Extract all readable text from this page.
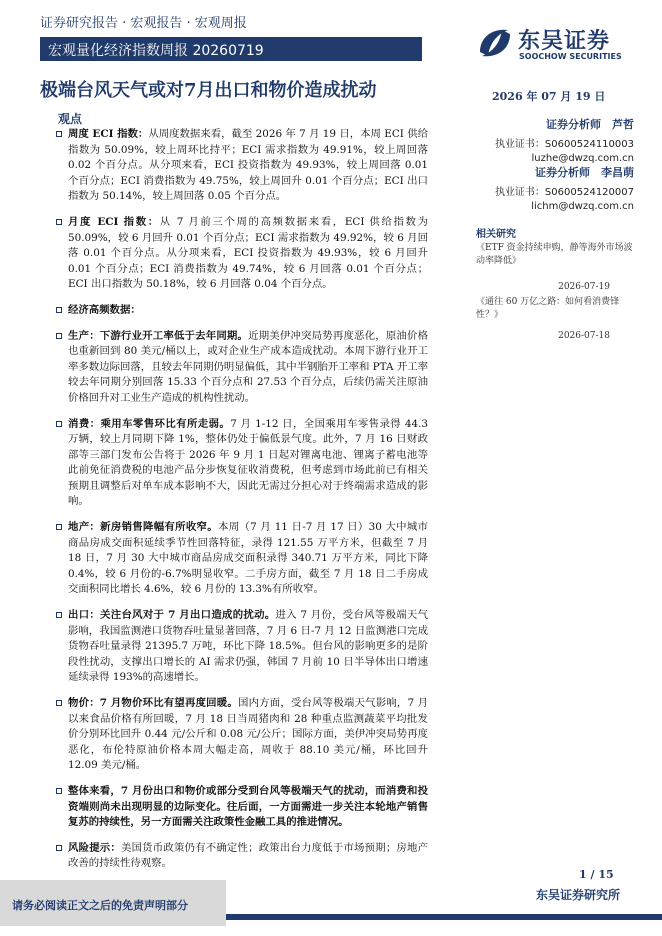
证券研究报告 · 宏观报告 · 宏观周报
宏观量化经济指数周报 20260719	东吴证券
SOOCHOW SECURITIES
极端台风天气或对7月出口和物价造成扰动	2026 年 07 月 19 日
观点
周度 ECI 指数：从周度数据来看，截至 2026 年 7 月 19 日，本周 ECI 供给指数为 50.09%，较上周环比持平；ECI 需求指数为 49.91%，较上周回落 0.02 个百分点。从分项来看，ECI 投资指数为 49.93%，较上周回落 0.01 个百分点；ECI 消费指数为 49.75%，较上周回升 0.01 个百分点；ECI 出口指数为 50.14%，较上周回落 0.05 个百分点。
月度 ECI 指数：从 7 月前三个周的高频数据来看，ECI 供给指数为 50.09%，较 6 月回升 0.01 个百分点；ECI 需求指数为 49.92%，较 6 月回落 0.01 个百分点。从分项来看，ECI 投资指数为 49.93%，较 6 月回升 0.01 个百分点；ECI 消费指数为 49.74%，较 6 月回落 0.01 个百分点；ECI 出口指数为 50.18%，较 6 月回落 0.04 个百分点。
经济高频数据：
生产：下游行业开工率低于去年同期。近期美伊冲突局势再度恶化，原油价格也重新回到 80 美元/桶以上，或对企业生产成本造成扰动。本周下游行业开工率多数边际回落，且较去年同期仍明显偏低，其中半钢胎开工率和 PTA 开工率较去年同期分别回落 15.33 个百分点和 27.53 个百分点，后续仍需关注原油价格回升对工业生产造成的机构性扰动。
消费：乘用车零售环比有所走弱。7 月 1-12 日，全国乘用车零售录得 44.3 万辆，较上月同期下降 1%，整体仍处于偏低景气度。此外，7 月 16 日财政部等三部门发布公告将于 2026 年 9 月 1 日起对锂离电池、锂离子蓄电池等此前免征消费税的电池产品分步恢复征收消费税，但考虑到市场此前已有相关预期且调整后对单车成本影响不大，因此无需过分担心对于终端需求造成的影响。
地产：新房销售降幅有所收窄。本周（7 月 11 日-7 月 17 日）30 大中城市商品房成交面积延续季节性回落特征，录得 121.55 万平方米，但截至 7 月 18 日，7 月 30 大中城市商品房成交面积录得 340.71 万平方米，同比下降 0.4%，较 6 月份的-6.7%明显收窄。二手房方面，截至 7 月 18 日二手房成交面积同比增长 4.6%，较 6 月份的 13.3%有所收窄。
出口：关注台风对于 7 月出口造成的扰动。进入 7 月份，受台风等极端天气影响，我国监测港口货物吞吐量显著回落，7 月 6 日-7 月 12 日监测港口完成货物吞吐量录得 21395.7 万吨，环比下降 18.5%。但台风的影响更多的是阶段性扰动，支撑出口增长的 AI 需求仍强，韩国 7 月前 10 日半导体出口增速延续录得 193%的高速增长。
物价：7 月物价环比有望再度回暖。国内方面，受台风等极端天气影响，7 月以来食品价格有所回暖，7 月 18 日当周猪肉和 28 种重点监测蔬菜平均批发价分别环比回升 0.44 元/公斤和 0.08 元/公斤；国际方面，美伊冲突局势再度恶化，布伦特原油价格本周大幅走高，周收于 88.10 美元/桶，环比回升 12.09 美元/桶。
整体来看，7 月份出口和物价或部分受到台风等极端天气的扰动，而消费和投资端则尚未出现明显的边际变化。往后面，一方面需进一步关注本轮地产销售复苏的持续性，另一方面需关注政策性金融工具的推进情况。
风险提示：美国货币政策仍有不确定性；政策出台力度低于市场预期；房地产改善的持续性待观察。
证券分析师　芦哲
执业证书：S0600524110003
luzhe@dwzq.com.cn
证券分析师　李昌萌
执业证书：S0600524120007
lichm@dwzq.com.cn
相关研究
《ETF 资金持续申购，静等海外市场波动率降低》
2026-07-19
《通往 60 万亿之路：如何看消费锋性？》
2026-07-18
1 / 15
东吴证券研究所
请务必阅读正文之后的免责声明部分
